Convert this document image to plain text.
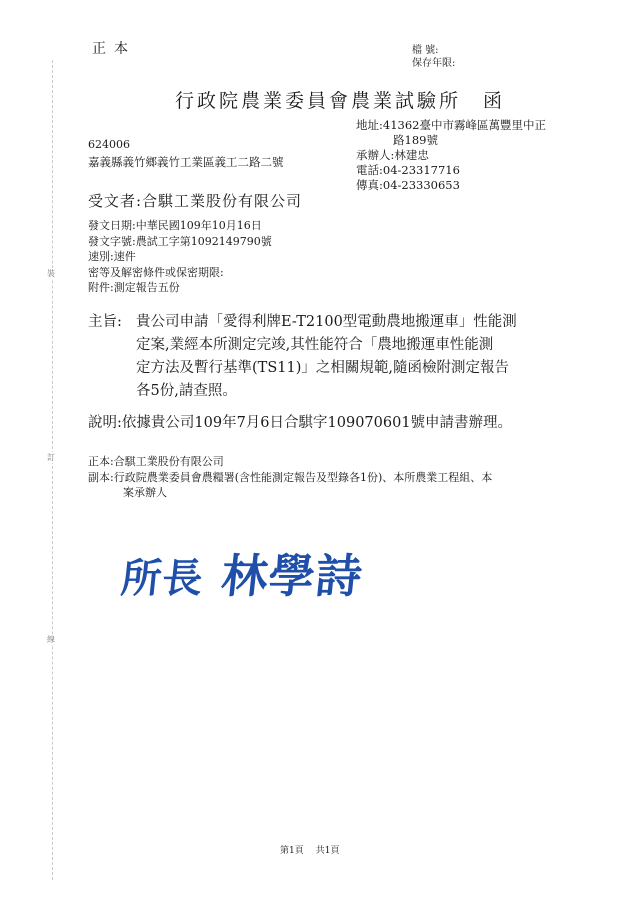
裝
訂
線
正本	檔 號:
保存年限:
行政院農業委員會農業試驗所 函
地址:41362臺中市霧峰區萬豐里中正
路189號
承辦人:林建忠
電話:04-23317716
傳真:04-23330653
624006
嘉義縣義竹鄉義竹工業區義工二路二號
受文者:合騏工業股份有限公司
發文日期:中華民國109年10月16日
發文字號:農試工字第1092149790號
速別:速件
密等及解密條件或保密期限:
附件:測定報告五份
主旨: 貴公司申請「愛得利牌E-T2100型電動農地搬運車」性能測
定案,業經本所測定完竣,其性能符合「農地搬運車性能測
定方法及暫行基準(TS11)」之相關規範,隨函檢附測定報告
各5份,請查照。
說明:依據貴公司109年7月6日合騏字109070601號申請書辦理。
正本:合騏工業股份有限公司
副本:行政院農業委員會農糧署(含性能測定報告及型錄各1份)、本所農業工程組、本
案承辦人
所長 林學詩
第1頁 共1頁
